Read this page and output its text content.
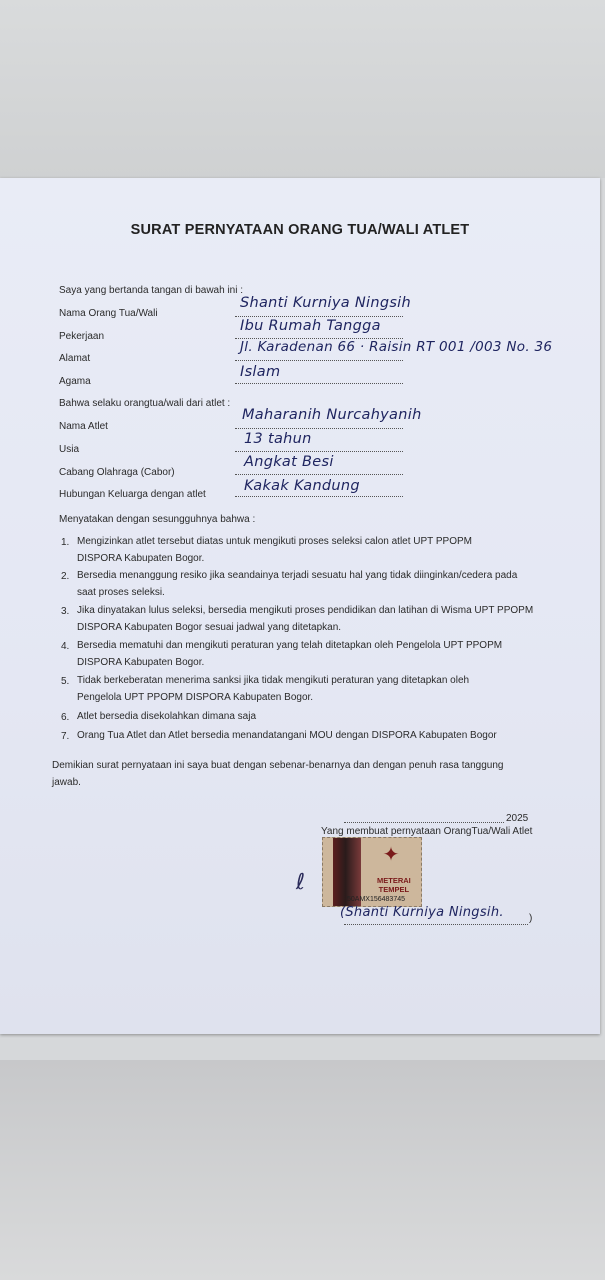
SURAT PERNYATAAN ORANG TUA/WALI ATLET
Saya yang bertanda tangan di bawah ini :
Nama Orang Tua/Wali
Shanti Kurniya Ningsih
Pekerjaan
Ibu Rumah Tangga
Alamat
Jl. Karadenan 66 · Raisin RT 001 /003 No. 36
Agama
Islam
Bahwa selaku orangtua/wali dari atlet :
Nama Atlet
Maharanih Nurcahyanih
Usia
13 tahun
Cabang Olahraga (Cabor)
Angkat Besi
Hubungan Keluarga dengan atlet
Kakak Kandung
Menyatakan dengan sesungguhnya bahwa :
1. Mengizinkan atlet tersebut diatas untuk mengikuti proses seleksi calon atlet UPT PPOPM
DISPORA Kabupaten Bogor.
2. Bersedia menanggung resiko jika seandainya terjadi sesuatu hal yang tidak diinginkan/cedera pada
saat proses seleksi.
3. Jika dinyatakan lulus seleksi, bersedia mengikuti proses pendidikan dan latihan di Wisma UPT PPOPM
DISPORA Kabupaten Bogor sesuai jadwal yang ditetapkan.
4. Bersedia mematuhi dan mengikuti peraturan yang telah ditetapkan oleh Pengelola UPT PPOPM
DISPORA Kabupaten Bogor.
5. Tidak berkeberatan menerima sanksi jika tidak mengikuti peraturan yang ditetapkan oleh
Pengelola UPT PPOPM DISPORA Kabupaten Bogor.
6. Atlet bersedia disekolahkan dimana saja
7. Orang Tua Atlet dan Atlet bersedia menandatangani MOU dengan DISPORA Kabupaten Bogor
Demikian surat pernyataan ini saya buat dengan sebenar-benarnya dan dengan penuh rasa tanggung
jawab.
2025
Yang membuat pernyataan OrangTua/Wali Atlet
✦
METERAI
TEMPEL
50AMX156483745
ℓ
(Shanti Kurniya Ningsih.	)
